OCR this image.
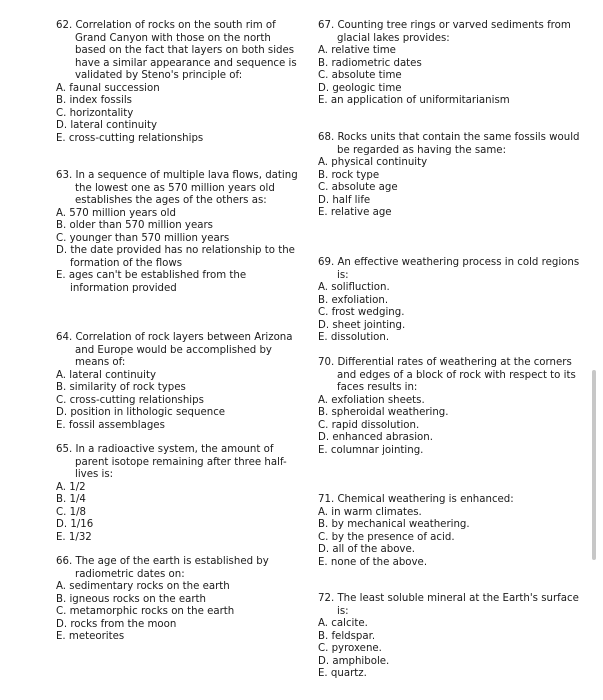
62. Correlation of rocks on the south rim of Grand Canyon with those on the north based on the fact that layers on both sides have a similar appearance and sequence is validated by Steno's principle of:
A. faunal succession
B. index fossils
C. horizontality
D. lateral continuity
E. cross-cutting relationships
63. In a sequence of multiple lava flows, dating the lowest one as 570 million years old establishes the ages of the others as:
A. 570 million years old
B. older than 570 million years
C. younger than 570 million years
D. the date provided has no relationship to the formation of the flows
E. ages can't be established from the information provided
64. Correlation of rock layers between Arizona and Europe would be accomplished by means of:
A. lateral continuity
B. similarity of rock types
C. cross-cutting relationships
D. position in lithologic sequence
E. fossil assemblages
65. In a radioactive system, the amount of parent isotope remaining after three half-lives is:
A. 1/2
B. 1/4
C. 1/8
D. 1/16
E. 1/32
66. The age of the earth is established by radiometric dates on:
A. sedimentary rocks on the earth
B. igneous rocks on the earth
C. metamorphic rocks on the earth
D. rocks from the moon
E. meteorites
67. Counting tree rings or varved sediments from glacial lakes provides:
A. relative time
B. radiometric dates
C. absolute time
D. geologic time
E. an application of uniformitarianism
68. Rocks units that contain the same fossils would be regarded as having the same:
A. physical continuity
B. rock type
C. absolute age
D. half life
E. relative age
69. An effective weathering process in cold regions is:
A. solifluction.
B. exfoliation.
C. frost wedging.
D. sheet jointing.
E. dissolution.
70. Differential rates of weathering at the corners and edges of a block of rock with respect to its faces results in:
A. exfoliation sheets.
B. spheroidal weathering.
C. rapid dissolution.
D. enhanced abrasion.
E. columnar jointing.
71. Chemical weathering is enhanced:
A. in warm climates.
B. by mechanical weathering.
C. by the presence of acid.
D. all of the above.
E. none of the above.
72. The least soluble mineral at the Earth's surface is:
A. calcite.
B. feldspar.
C. pyroxene.
D. amphibole.
E. quartz.
